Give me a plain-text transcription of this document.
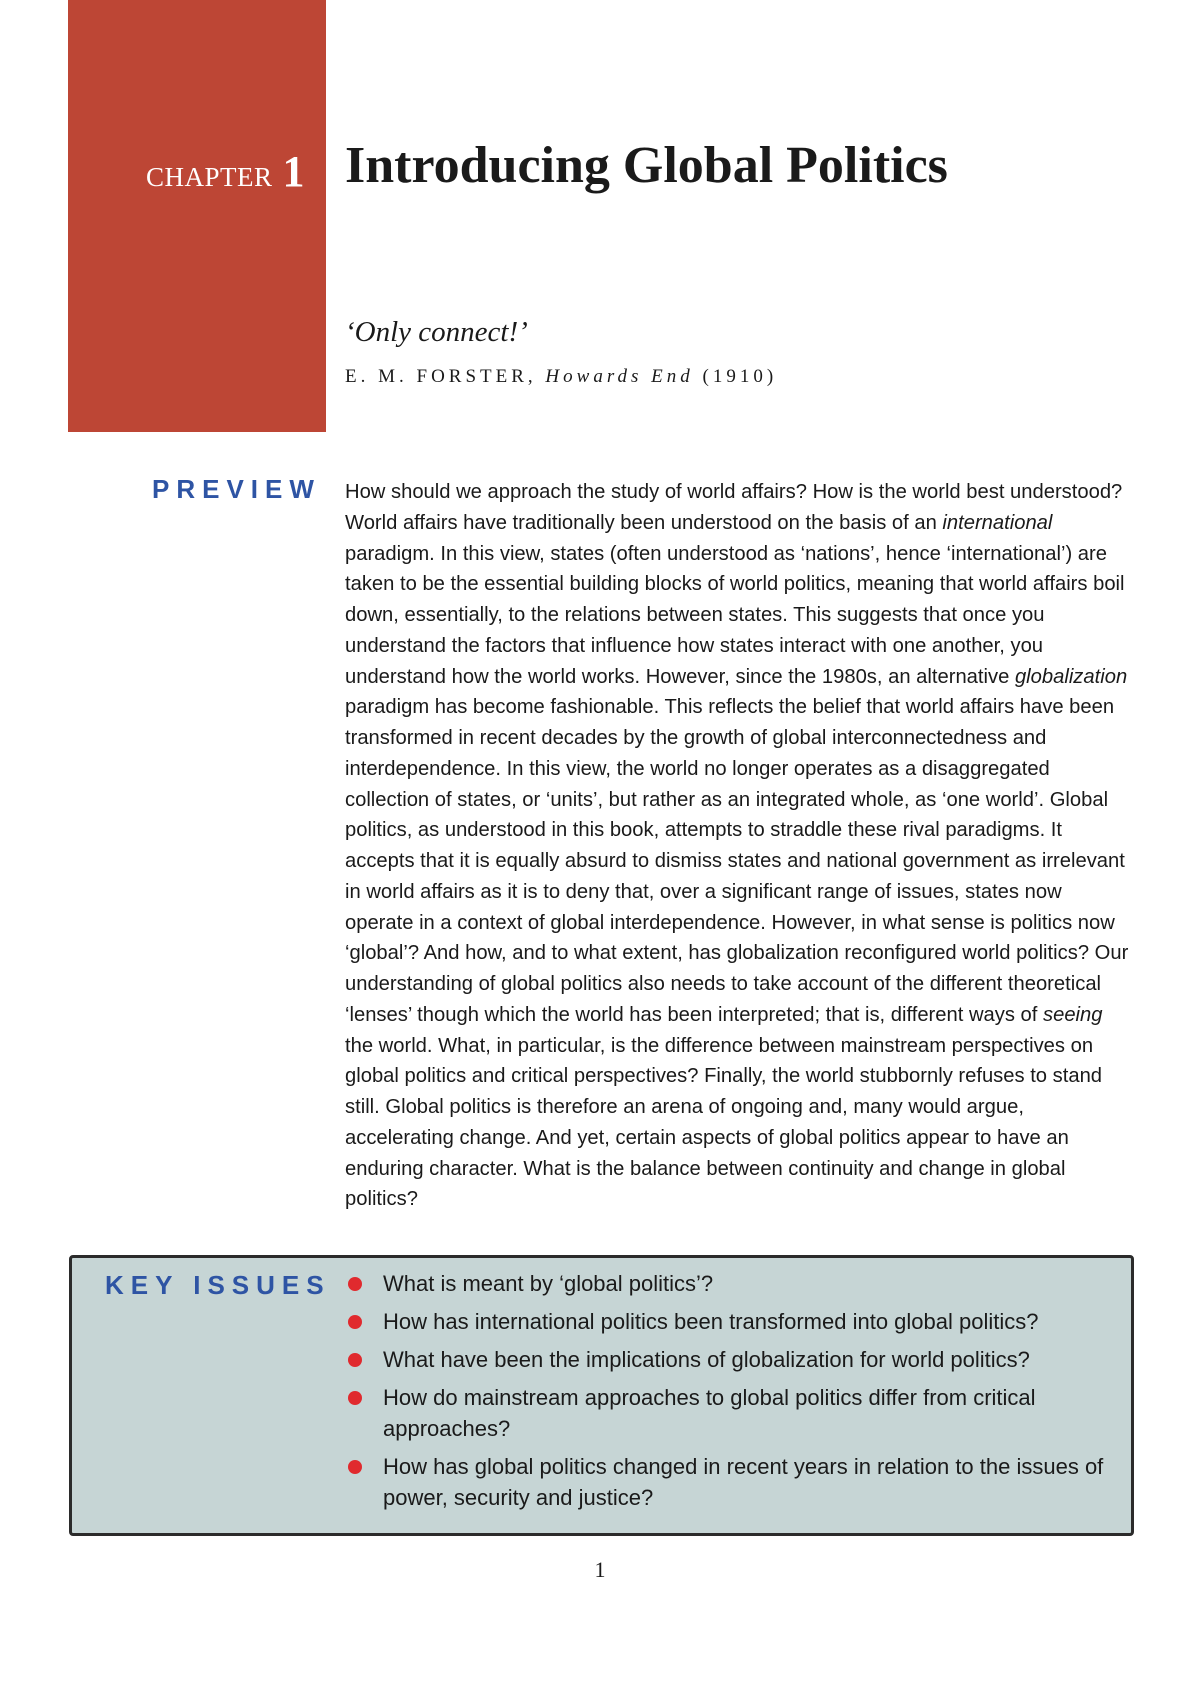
CHAPTER 1 Introducing Global Politics
‘Only connect!’
E. M. FORSTER, Howards End (1910)
PREVIEW How should we approach the study of world affairs? How is the world best understood? World affairs have traditionally been understood on the basis of an international paradigm. In this view, states (often understood as ‘nations’, hence ‘international’) are taken to be the essential building blocks of world politics, meaning that world affairs boil down, essentially, to the relations between states. This suggests that once you understand the factors that influence how states interact with one another, you understand how the world works. However, since the 1980s, an alternative globalization paradigm has become fashionable. This reflects the belief that world affairs have been transformed in recent decades by the growth of global interconnectedness and interdependence. In this view, the world no longer operates as a disaggregated collection of states, or ‘units’, but rather as an integrated whole, as ‘one world’. Global politics, as understood in this book, attempts to straddle these rival paradigms. It accepts that it is equally absurd to dismiss states and national government as irrelevant in world affairs as it is to deny that, over a significant range of issues, states now operate in a context of global interdependence. However, in what sense is politics now ‘global’? And how, and to what extent, has globalization reconfigured world politics? Our understanding of global politics also needs to take account of the different theoretical ‘lenses’ though which the world has been interpreted; that is, different ways of seeing the world. What, in particular, is the difference between mainstream perspectives on global politics and critical perspectives? Finally, the world stubbornly refuses to stand still. Global politics is therefore an arena of ongoing and, many would argue, accelerating change. And yet, certain aspects of global politics appear to have an enduring character. What is the balance between continuity and change in global politics?

KEY ISSUES	What is meant by ‘global politics’?
How has international politics been transformed into global politics?
What have been the implications of globalization for world politics?
How do mainstream approaches to global politics differ from critical approaches?
How has global politics changed in recent years in relation to the issues of power, security and justice?
1
